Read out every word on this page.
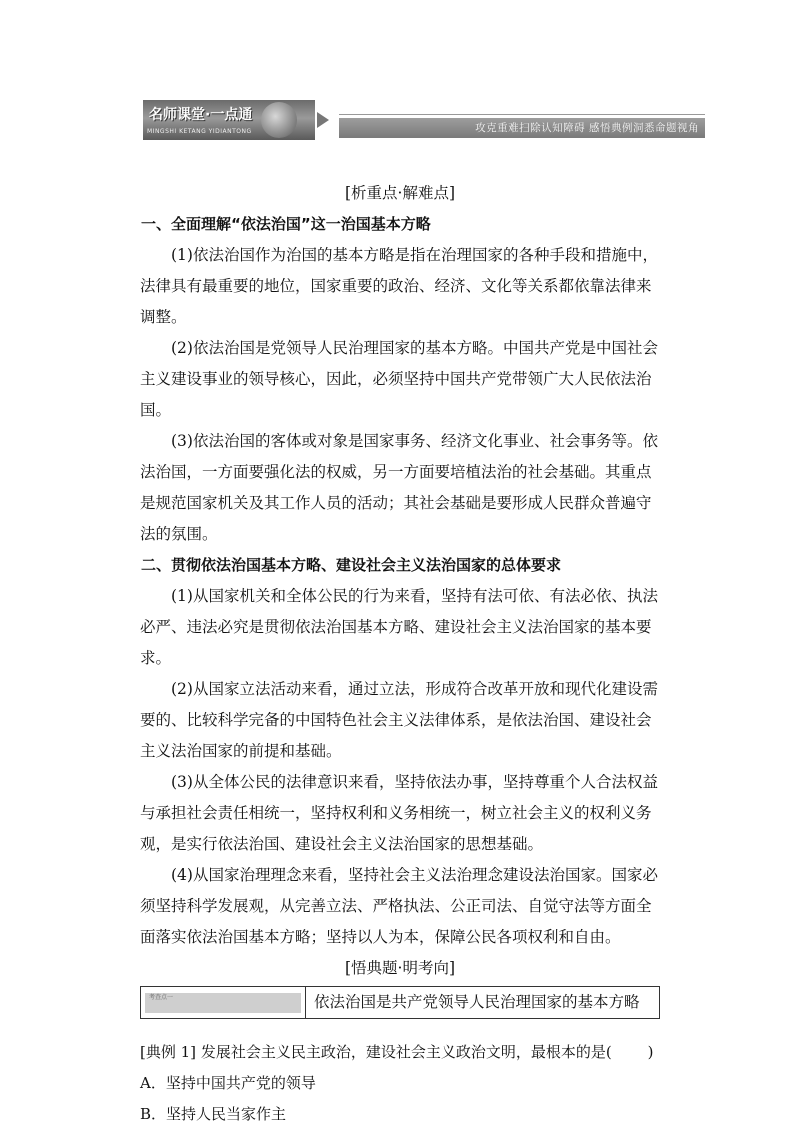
名师课堂·一点通
MINGSHI KETANG YIDIANTONG	攻克重难扫除认知障碍 感悟典例洞悉命题视角

[析重点·解难点]

一、全面理解“依法治国”这一治国基本方略

(1)依法治国作为治国的基本方略是指在治理国家的各种手段和措施中，法律具有最重要的地位，国家重要的政治、经济、文化等关系都依靠法律来调整。

(2)依法治国是党领导人民治理国家的基本方略。中国共产党是中国社会主义建设事业的领导核心，因此，必须坚持中国共产党带领广大人民依法治国。

(3)依法治国的客体或对象是国家事务、经济文化事业、社会事务等。依法治国，一方面要强化法的权威，另一方面要培植法治的社会基础。其重点是规范国家机关及其工作人员的活动；其社会基础是要形成人民群众普遍守法的氛围。

二、贯彻依法治国基本方略、建设社会主义法治国家的总体要求

(1)从国家机关和全体公民的行为来看，坚持有法可依、有法必依、执法必严、违法必究是贯彻依法治国基本方略、建设社会主义法治国家的基本要求。

(2)从国家立法活动来看，通过立法，形成符合改革开放和现代化建设需要的、比较科学完备的中国特色社会主义法律体系，是依法治国、建设社会主义法治国家的前提和基础。

(3)从全体公民的法律意识来看，坚持依法办事，坚持尊重个人合法权益与承担社会责任相统一，坚持权利和义务相统一，树立社会主义的权利义务观，是实行依法治国、建设社会主义法治国家的思想基础。

(4)从国家治理理念来看，坚持社会主义法治理念建设法治国家。国家必须坚持科学发展观，从完善立法、严格执法、公正司法、自觉守法等方面全面落实依法治国基本方略；坚持以人为本，保障公民各项权利和自由。

[悟典题·明考向]

考查点一	依法治国是共产党领导人民治理国家的基本方略

[典例 1] 发展社会主义民主政治，建设社会主义政治文明，最根本的是( )

A．坚持中国共产党的领导

B．坚持人民当家作主
